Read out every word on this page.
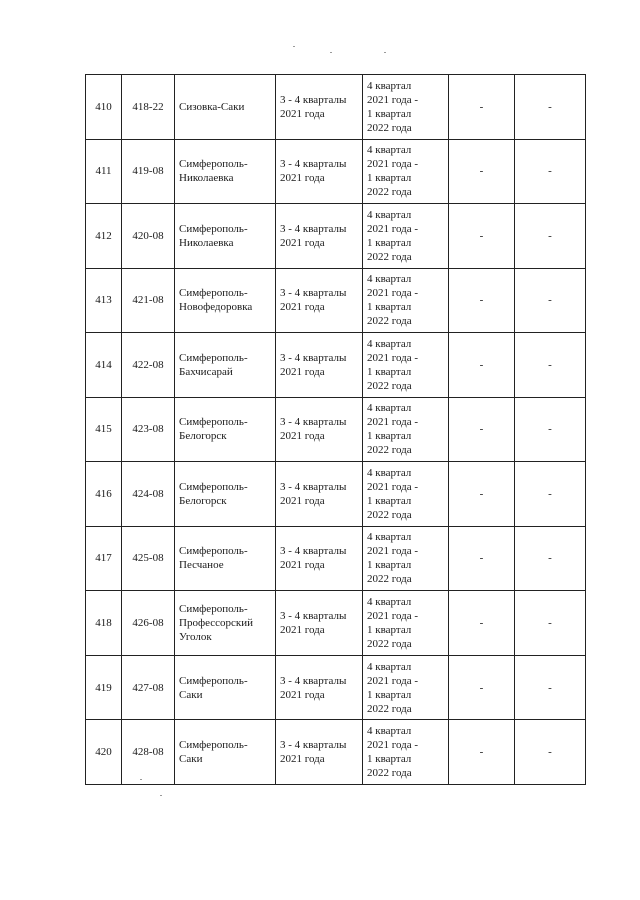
410	418-22	Сизовка-Саки	3 - 4 кварталы
2021 года	4 квартал
2021 года -
1 квартал
2022 года	-	-
411	419-08	Симферополь-
Николаевка	3 - 4 кварталы
2021 года	4 квартал
2021 года -
1 квартал
2022 года	-	-
412	420-08	Симферополь-
Николаевка	3 - 4 кварталы
2021 года	4 квартал
2021 года -
1 квартал
2022 года	-	-
413	421-08	Симферополь-
Новофедоровка	3 - 4 кварталы
2021 года	4 квартал
2021 года -
1 квартал
2022 года	-	-
414	422-08	Симферополь-
Бахчисарай	3 - 4 кварталы
2021 года	4 квартал
2021 года -
1 квартал
2022 года	-	-
415	423-08	Симферополь-
Белогорск	3 - 4 кварталы
2021 года	4 квартал
2021 года -
1 квартал
2022 года	-	-
416	424-08	Симферополь-
Белогорск	3 - 4 кварталы
2021 года	4 квартал
2021 года -
1 квартал
2022 года	-	-
417	425-08	Симферополь-
Песчаное	3 - 4 кварталы
2021 года	4 квартал
2021 года -
1 квартал
2022 года	-	-
418	426-08	Симферополь-
Профессорский
Уголок	3 - 4 кварталы
2021 года	4 квартал
2021 года -
1 квартал
2022 года	-	-
419	427-08	Симферополь-
Саки	3 - 4 кварталы
2021 года	4 квартал
2021 года -
1 квартал
2022 года	-	-
420	428-08	Симферополь-
Саки	3 - 4 кварталы
2021 года	4 квартал
2021 года -
1 квартал
2022 года	-	-
